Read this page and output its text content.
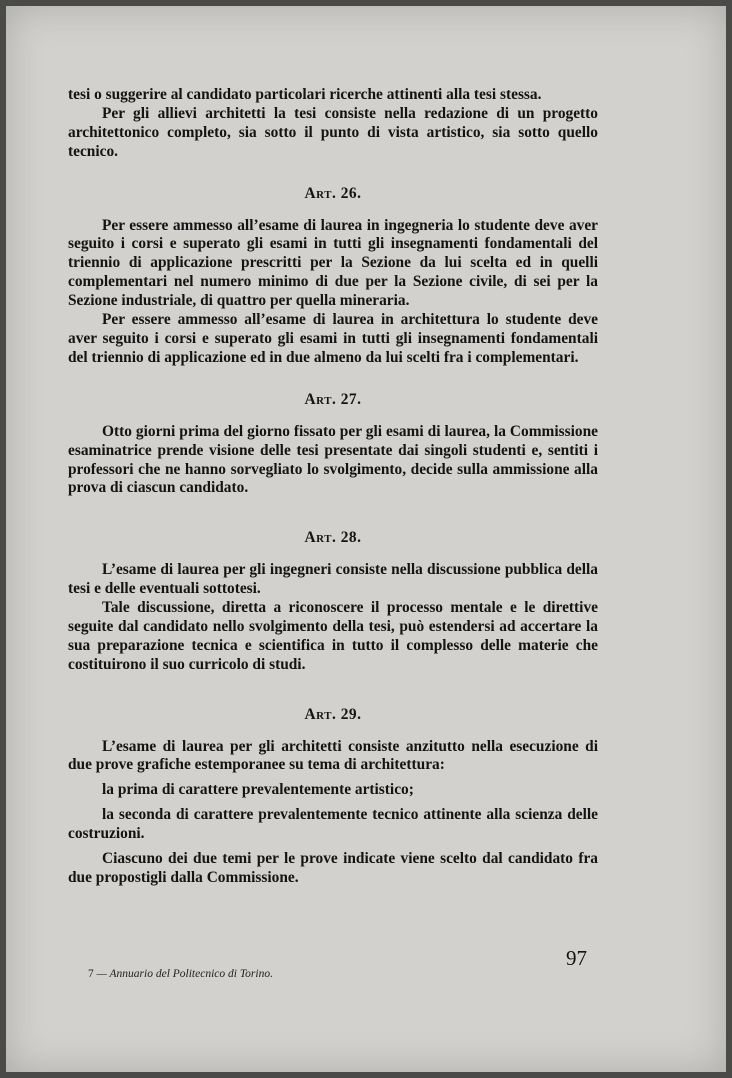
tesi o suggerire al candidato particolari ricerche attinenti alla tesi stessa.

Per gli allievi architetti la tesi consiste nella redazione di un progetto architettonico completo, sia sotto il punto di vista artistico, sia sotto quello tecnico.

Art. 26.

Per essere ammesso all’esame di laurea in ingegneria lo studente deve aver seguito i corsi e superato gli esami in tutti gli insegnamenti fondamentali del triennio di applicazione prescritti per la Sezione da lui scelta ed in quelli complementari nel numero minimo di due per la Sezione civile, di sei per la Sezione industriale, di quattro per quella mineraria.

Per essere ammesso all’esame di laurea in architettura lo studente deve aver seguito i corsi e superato gli esami in tutti gli insegnamenti fondamentali del triennio di applicazione ed in due almeno da lui scelti fra i complementari.

Art. 27.

Otto giorni prima del giorno fissato per gli esami di laurea, la Commissione esaminatrice prende visione delle tesi presentate dai singoli studenti e, sentiti i professori che ne hanno sorvegliato lo svolgimento, decide sulla ammissione alla prova di ciascun candidato.

Art. 28.

L’esame di laurea per gli ingegneri consiste nella discussione pubblica della tesi e delle eventuali sottotesi.

Tale discussione, diretta a riconoscere il processo mentale e le direttive seguite dal candidato nello svolgimento della tesi, può estendersi ad accertare la sua preparazione tecnica e scientifica in tutto il complesso delle materie che costituirono il suo curricolo di studi.

Art. 29.

L’esame di laurea per gli architetti consiste anzitutto nella esecuzione di due prove grafiche estemporanee su tema di architettura:

la prima di carattere prevalentemente artistico;

la seconda di carattere prevalentemente tecnico attinente alla scienza delle costruzioni.

Ciascuno dei due temi per le prove indicate viene scelto dal candidato fra due propostigli dalla Commissione.

97
7 — Annuario del Politecnico di Torino.
